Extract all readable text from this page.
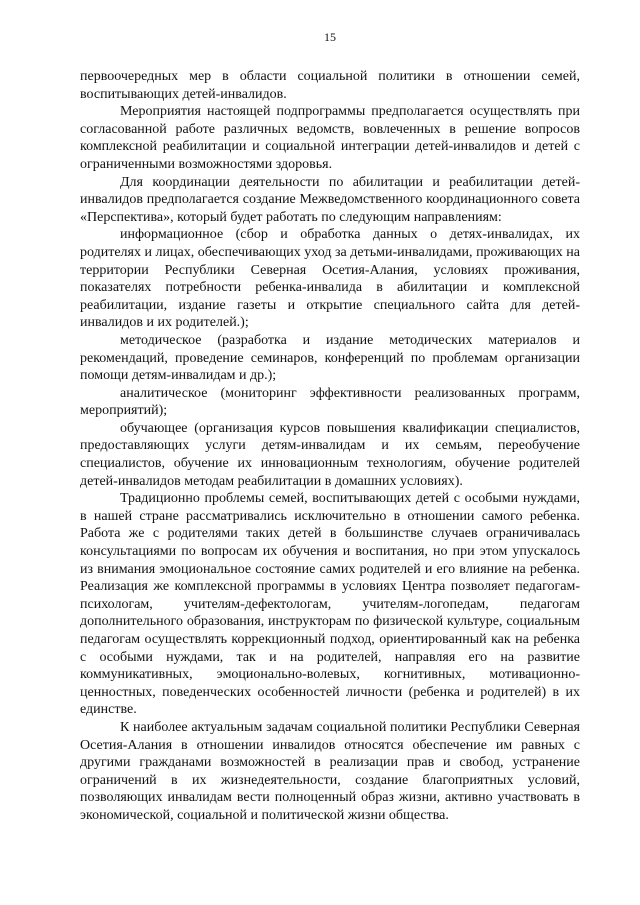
15

первоочередных мер в области социальной политики в отношении семей, воспитывающих детей-инвалидов.

Мероприятия настоящей подпрограммы предполагается осуществлять при согласованной работе различных ведомств, вовлеченных в решение вопросов комплексной реабилитации и социальной интеграции детей-инвалидов и детей с ограниченными возможностями здоровья.

Для координации деятельности по абилитации и реабилитации детей-инвалидов предполагается создание Межведомственного координационного совета «Перспектива», который будет работать по следующим направлениям:

информационное (сбор и обработка данных о детях-инвалидах, их родителях и лицах, обеспечивающих уход за детьми-инвалидами, проживающих на территории Республики Северная Осетия-Алания, условиях проживания, показателях потребности ребенка-инвалида в абилитации и комплексной реабилитации, издание газеты и открытие специального сайта для детей-инвалидов и их родителей.);

методическое (разработка и издание методических материалов и рекомендаций, проведение семинаров, конференций по проблемам организации помощи детям-инвалидам и др.);

аналитическое (мониторинг эффективности реализованных программ, мероприятий);

обучающее (организация курсов повышения квалификации специалистов, предоставляющих услуги детям-инвалидам и их семьям, переобучение специалистов, обучение их инновационным технологиям, обучение родителей детей-инвалидов методам реабилитации в домашних условиях).

Традиционно проблемы семей, воспитывающих детей с особыми нуждами, в нашей стране рассматривались исключительно в отношении самого ребенка. Работа же с родителями таких детей в большинстве случаев ограничивалась консультациями по вопросам их обучения и воспитания, но при этом упускалось из внимания эмоциональное состояние самих родителей и его влияние на ребенка. Реализация же комплексной программы в условиях Центра позволяет педагогам-психологам, учителям-дефектологам, учителям-логопедам, педагогам дополнительного образования, инструкторам по физической культуре, социальным педагогам осуществлять коррекционный подход, ориентированный как на ребенка с особыми нуждами, так и на родителей, направляя его на развитие коммуникативных, эмоционально-волевых, когнитивных, мотивационно-ценностных, поведенческих особенностей личности (ребенка и родителей) в их единстве.

К наиболее актуальным задачам социальной политики Республики Северная Осетия-Алания в отношении инвалидов относятся обеспечение им равных с другими гражданами возможностей в реализации прав и свобод, устранение ограничений в их жизнедеятельности, создание благоприятных условий, позволяющих инвалидам вести полноценный образ жизни, активно участвовать в экономической, социальной и политической жизни общества.
